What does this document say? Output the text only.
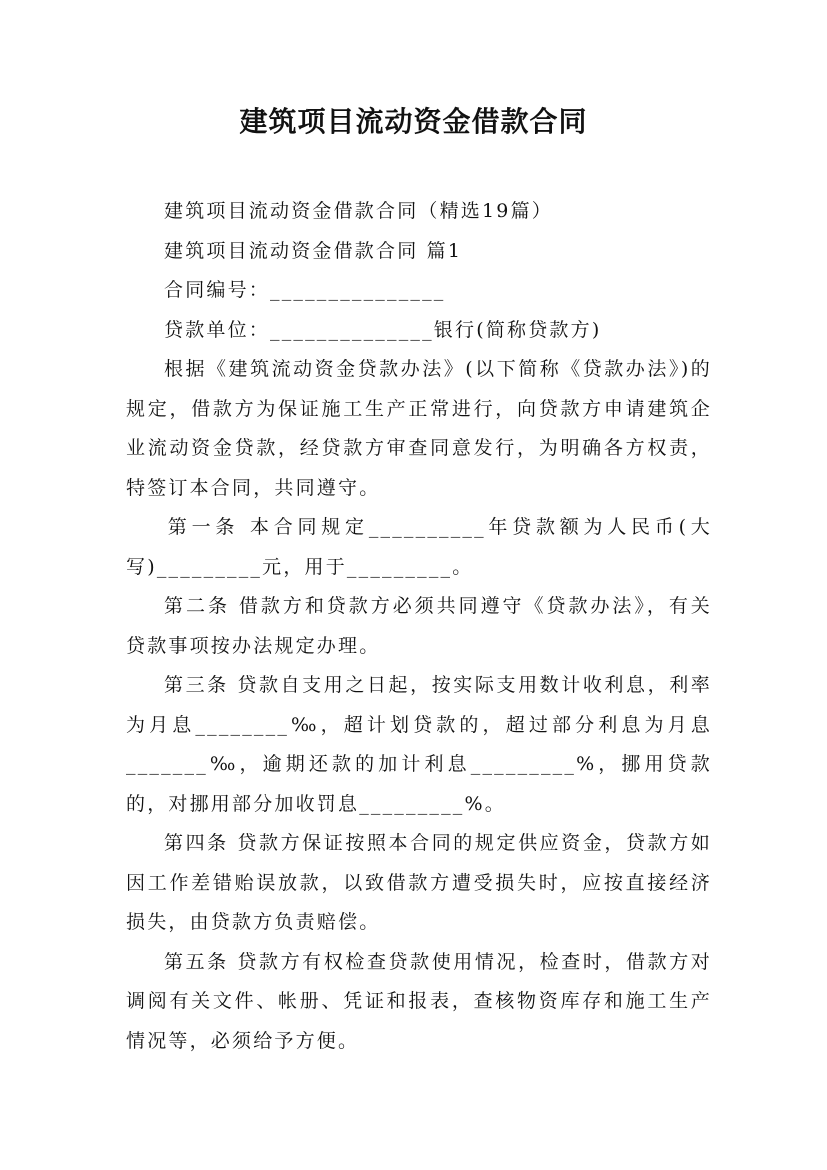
建筑项目流动资金借款合同

建筑项目流动资金借款合同（精选19篇）

建筑项目流动资金借款合同 篇1

合同编号：_______________

贷款单位：______________银行(简称贷款方)

根据《建筑流动资金贷款办法》(以下简称《贷款办法》)的规定，借款方为保证施工生产正常进行，向贷款方申请建筑企业流动资金贷款，经贷款方审查同意发行，为明确各方权责，特签订本合同，共同遵守。

第一条 本合同规定__________年贷款额为人民币(大写)_________元，用于_________。

第二条 借款方和贷款方必须共同遵守《贷款办法》，有关贷款事项按办法规定办理。

第三条 贷款自支用之日起，按实际支用数计收利息，利率为月息________‰，超计划贷款的，超过部分利息为月息_______‰，逾期还款的加计利息_________%，挪用贷款的，对挪用部分加收罚息_________%。

第四条 贷款方保证按照本合同的规定供应资金，贷款方如因工作差错贻误放款，以致借款方遭受损失时，应按直接经济损失，由贷款方负责赔偿。

第五条 贷款方有权检查贷款使用情况，检查时，借款方对调阅有关文件、帐册、凭证和报表，查核物资库存和施工生产情况等，必须给予方便。
